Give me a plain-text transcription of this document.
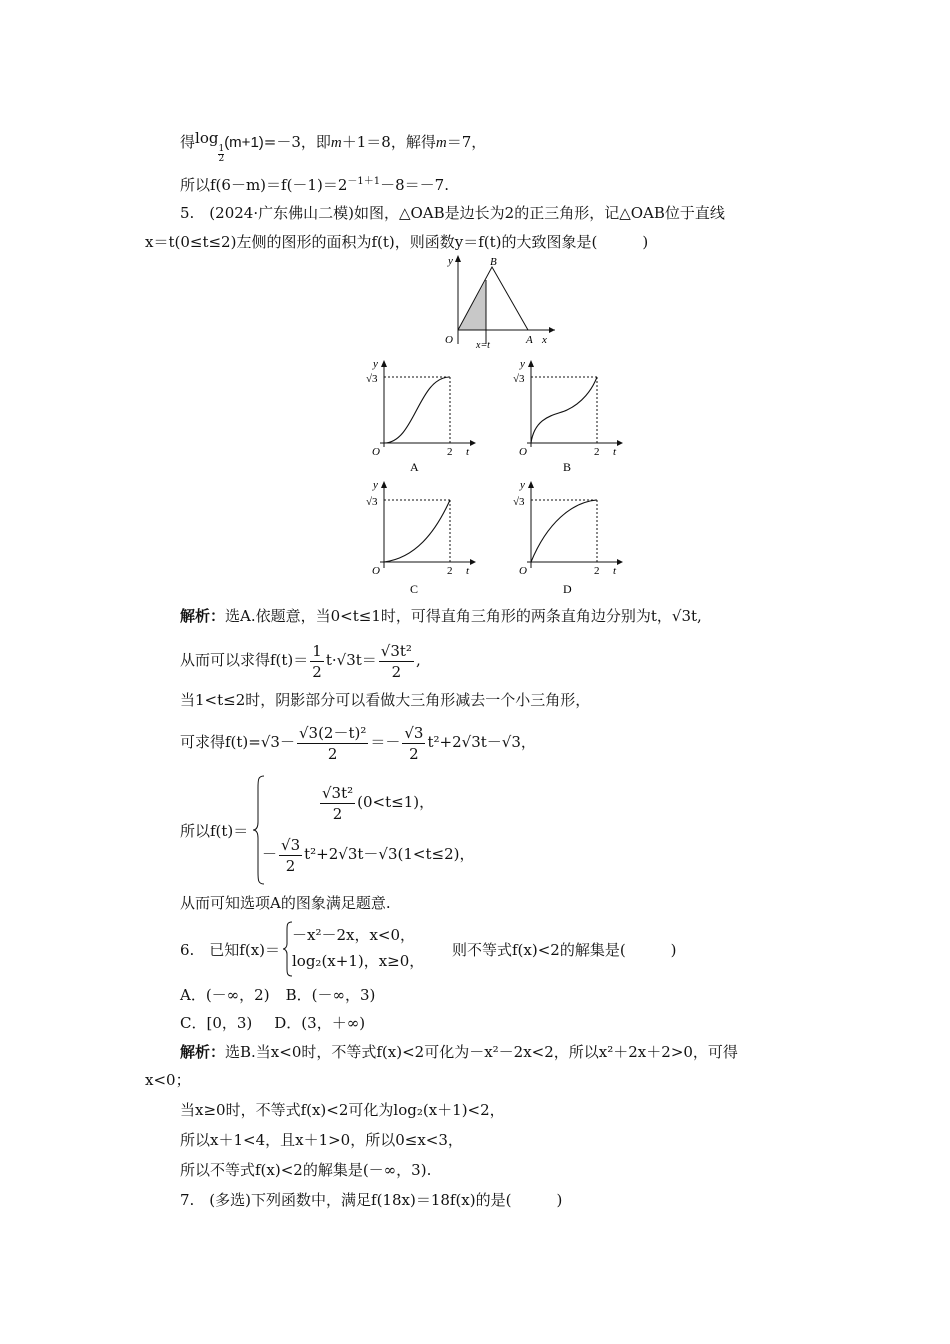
得log
$\frac{1}{2}$
(m+1)=－3，即m＋1＝8，解得m＝7，
所以$f(6-m)=f(-1)=2^{-1+1}-8=-7$.
5.　(2024·广东佛山二模)如图，△OAB是边长为2的正三角形，记△OAB位于直线
x＝t(0≤t≤2)左侧的图形的面积为f(t)，则函数y＝f(t)的大致图象是(　　　)
y
x
O	A
B
x=t
y
√3
O	2 t
A
y
√3
O	2 t
B
y
√3
O	2 t
C
y
√3
O	2 t
D
解析：选A.依题意，当0<t≤1时，可得直角三角形的两条直角边分别为t，√3t,
从而可以求得$f(t)= \frac{1}{2} t\cdot√3t= \frac{\text{√3t²}}{2}$ ,
当1<t≤2时，阴影部分可以看做大三角形减去一个小三角形，
可求得$f(t)=√3- \frac{\text{√3(2－t)²}}{2} =- \frac{√3}{2} t^2+2√3t-√3$，
所以f(t)＝
$\frac{\text{√3t²}}{2} (0<t\le 1)$，
－ $\frac{√3}{2} t^2+2√3t-√3(1<t\le 2)$，
从而可知选项A的图象满足题意.
6.　已知f(x)＝
－x²－2x，x<0，
log₂(x+1)，x≥0，
则不等式f(x)<2的解集是(　　　)
A．(－∞，2) B．(－∞，3)
C．[0，3) D．(3，＋∞)
解析：选B.当x<0时，不等式f(x)<2可化为－x²－2x<2，所以x²＋2x＋2>0，可得
x<0；
当x≥0时，不等式f(x)<2可化为log₂(x＋1)<2，
所以x＋1<4，且x＋1>0，所以0≤x<3，
所以不等式f(x)<2的解集是(－∞，3).
7.　(多选)下列函数中，满足f(18x)＝18f(x)的是(　　　)
